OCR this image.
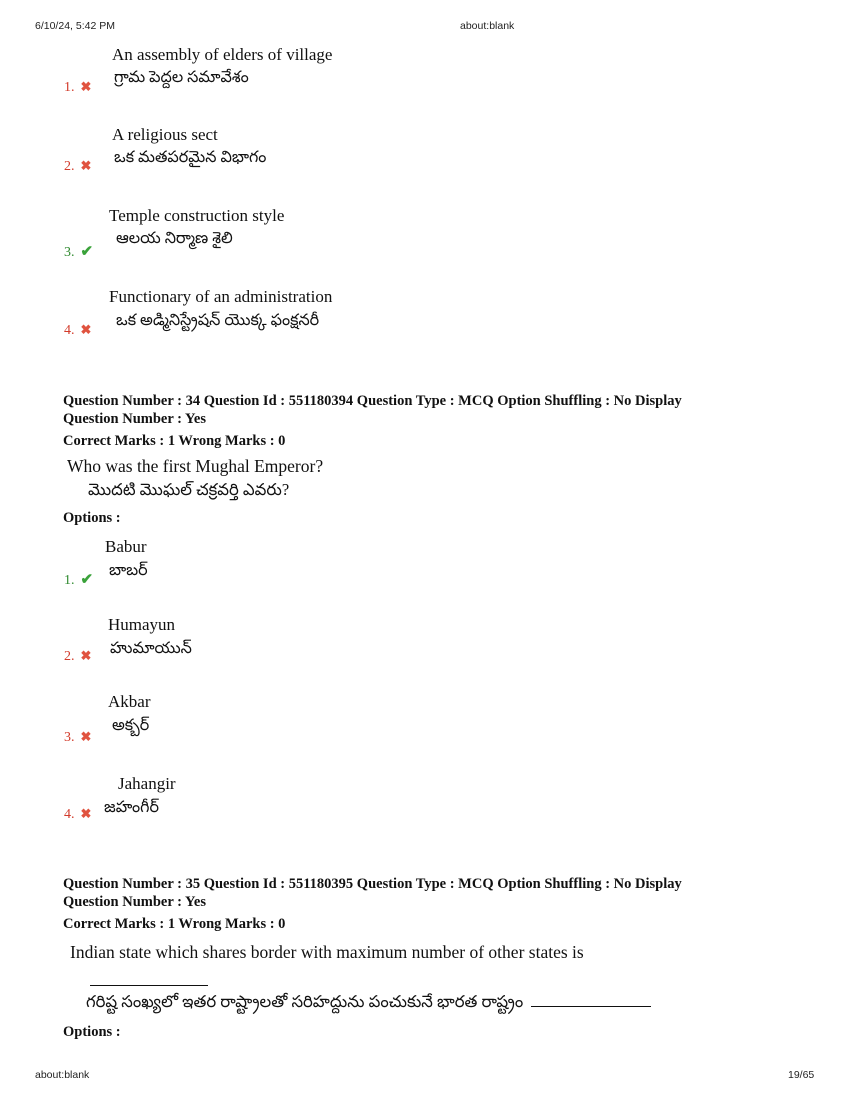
6/10/24, 5:42 PM	about:blank
An assembly of elders of village
గ్రామ పెద్దల సమావేశం
1. ✖
A religious sect
ఒక మతపరమైన విభాగం
2. ✖
Temple construction style
ఆలయ నిర్మాణ శైలి
3. ✔
Functionary of an administration
ఒక అడ్మినిస్ట్రేషన్ యొక్క ఫంక్షనరీ
4. ✖
Question Number : 34 Question Id : 551180394 Question Type : MCQ Option Shuffling : No Display
Question Number : Yes
Correct Marks : 1 Wrong Marks : 0
Who was the first Mughal Emperor?
మొదటి మొఘల్ చక్రవర్తి ఎవరు?
Options :
Babur
బాబర్
1. ✔
Humayun
హుమాయున్
2. ✖
Akbar
అక్బర్
3. ✖
Jahangir
జహంగీర్
4. ✖
Question Number : 35 Question Id : 551180395 Question Type : MCQ Option Shuffling : No Display
Question Number : Yes
Correct Marks : 1 Wrong Marks : 0
Indian state which shares border with maximum number of other states is
గరిష్ట సంఖ్యలో ఇతర రాష్ట్రాలతో సరిహద్దును పంచుకునే భారత రాష్ట్రం
Options :
about:blank	19/65
